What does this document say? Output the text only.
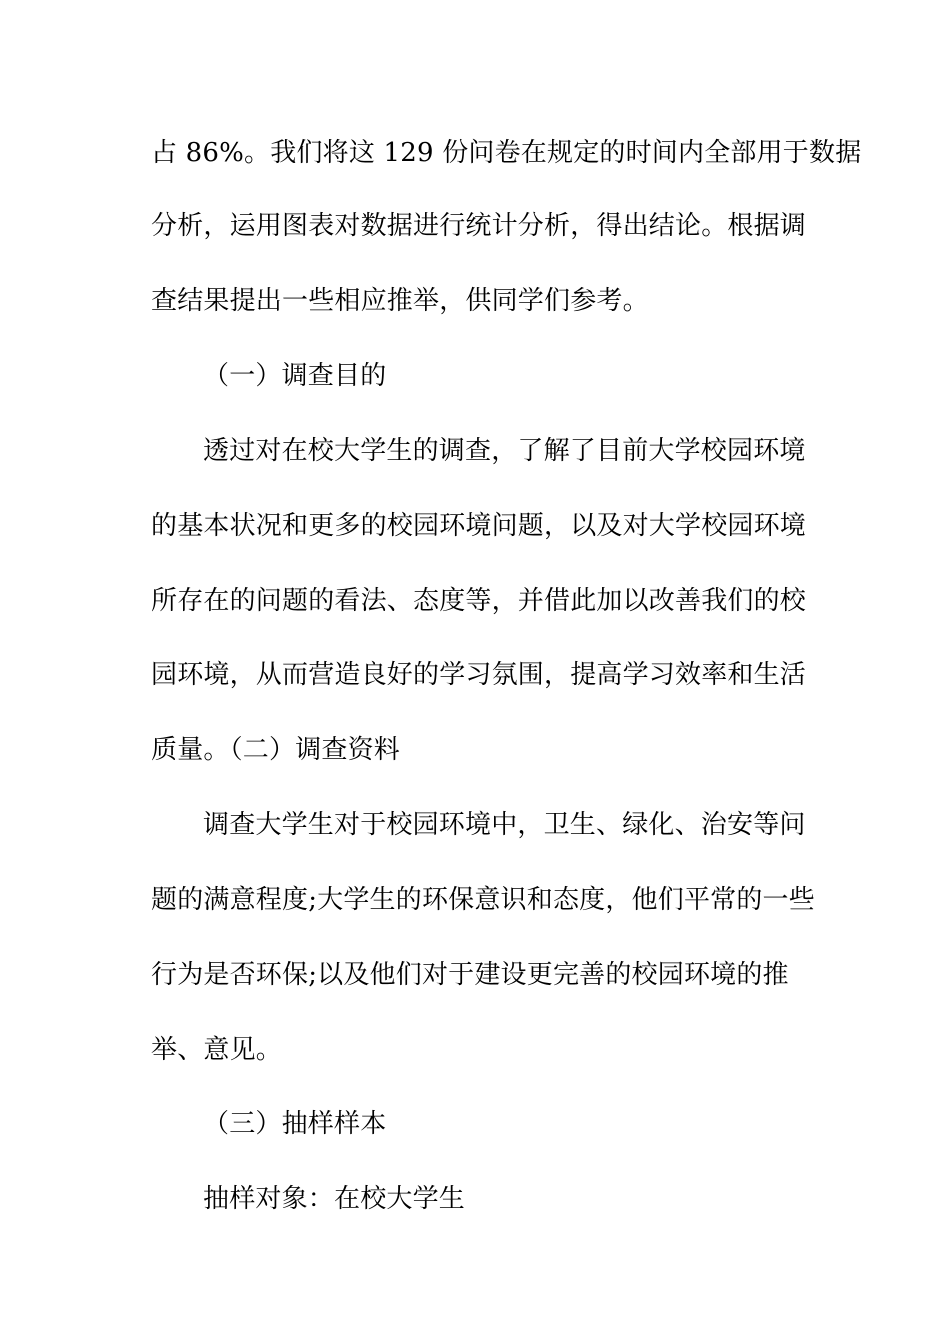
占 86%。我们将这 129 份问卷在规定的时间内全部用于数据
分析，运用图表对数据进行统计分析，得出结论。根据调
查结果提出一些相应推举，供同学们参考。
（一）调查目的
透过对在校大学生的调查，了解了目前大学校园环境
的基本状况和更多的校园环境问题，以及对大学校园环境
所存在的问题的看法、态度等，并借此加以改善我们的校
园环境，从而营造良好的学习氛围，提高学习效率和生活
质量。（二）调查资料
调查大学生对于校园环境中，卫生、绿化、治安等问
题的满意程度;大学生的环保意识和态度，他们平常的一些
行为是否环保;以及他们对于建设更完善的校园环境的推
举、意见。
（三）抽样样本
抽样对象：在校大学生
